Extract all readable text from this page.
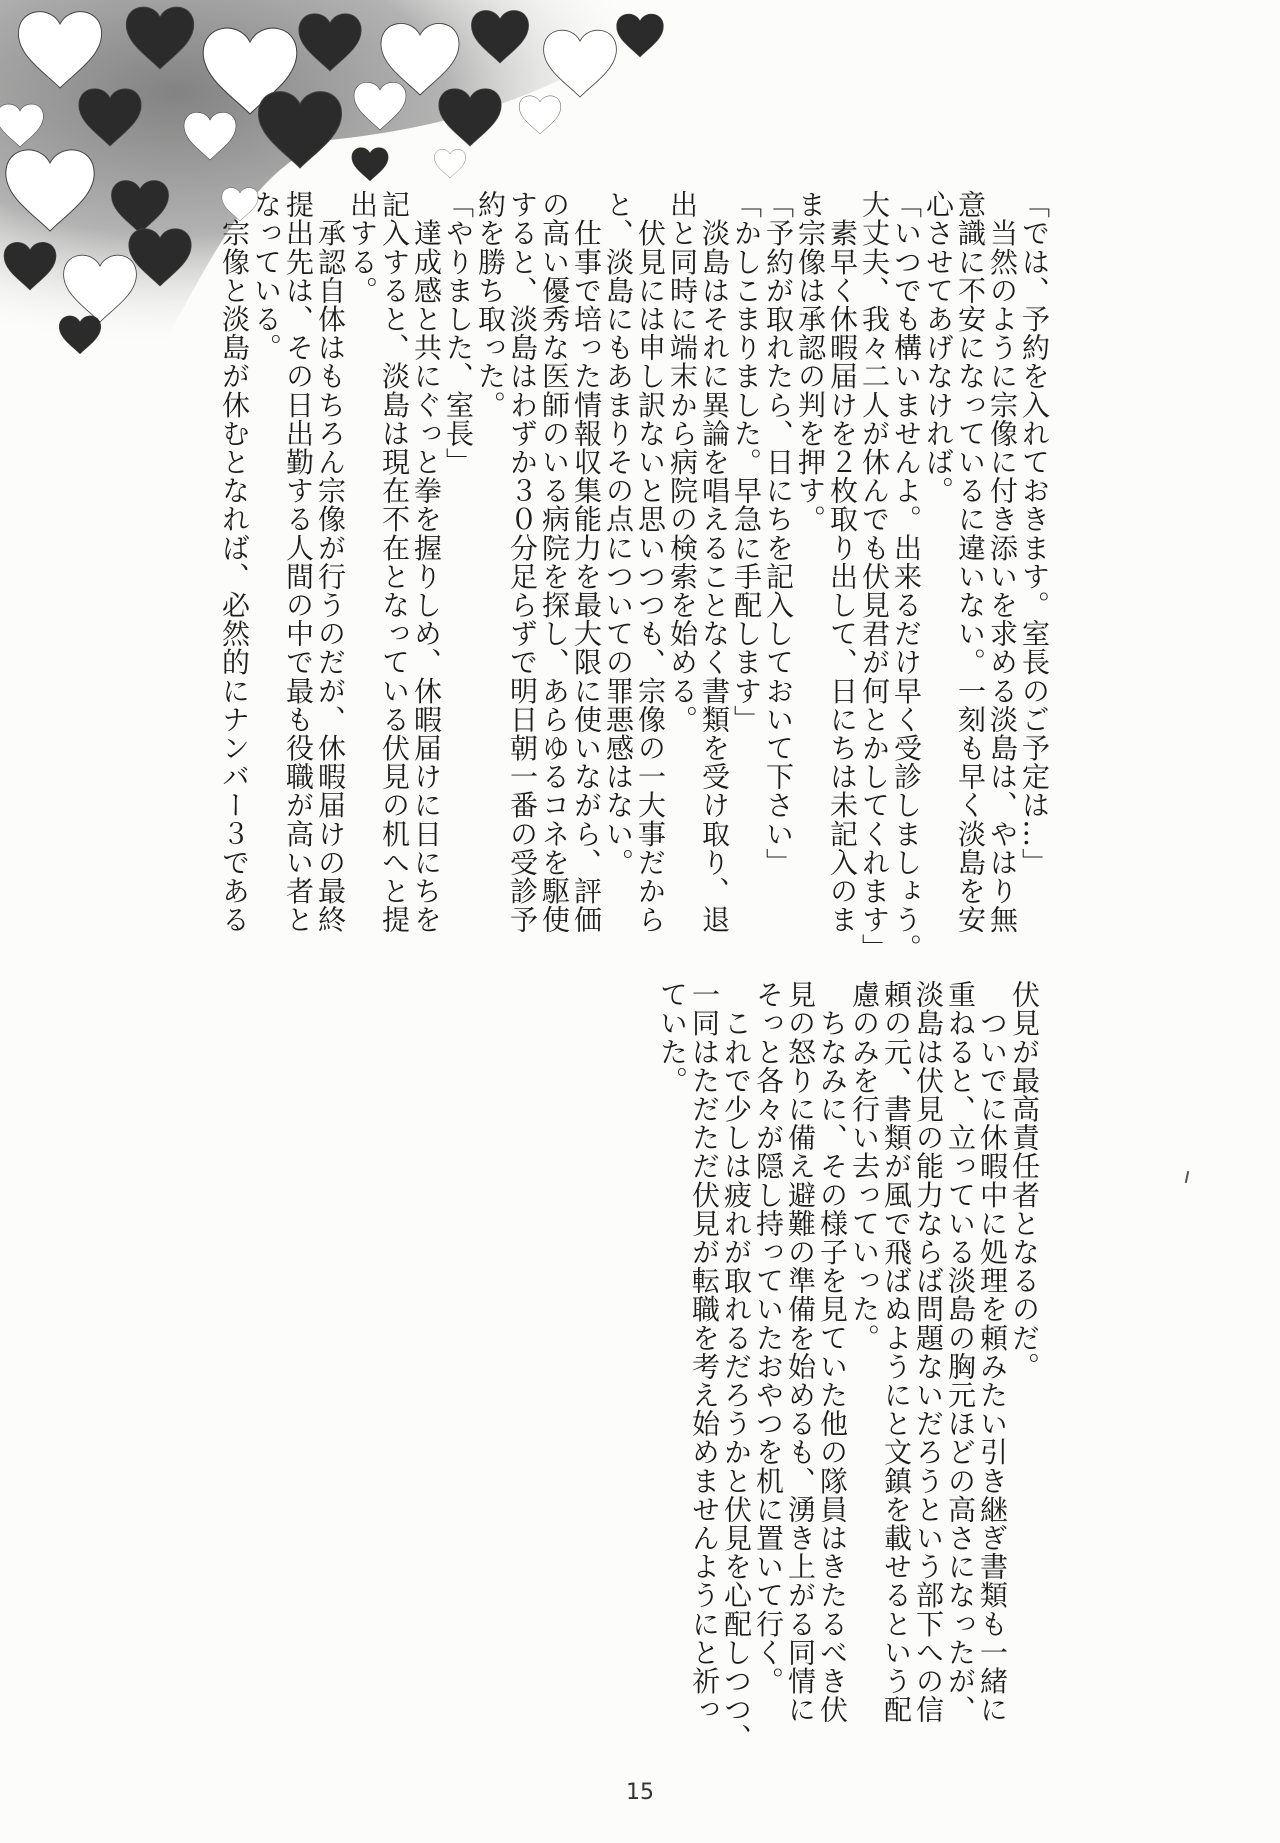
「では、予約を入れておきます。室長のご予定は…」

　当然のように宗像に付き添いを求める淡島は、やはり無

意識に不安になっているに違いない。一刻も早く淡島を安

心させてあげなければ。

「いつでも構いませんよ。出来るだけ早く受診しましょう。

大丈夫、我々二人が休んでも伏見君が何とかしてくれます」

　素早く休暇届けを２枚取り出して、日にちは未記入のま

ま宗像は承認の判を押す。

「予約が取れたら、日にちを記入しておいて下さい」

「かしこまりました。早急に手配します」

　淡島はそれに異論を唱えることなく書類を受け取り、退

出と同時に端末から病院の検索を始める。

　伏見には申し訳ないと思いつつも、宗像の一大事だから

と、淡島にもあまりその点についての罪悪感はない。

　仕事で培った情報収集能力を最大限に使いながら、評価

の高い優秀な医師のいる病院を探し、あらゆるコネを駆使

すると、淡島はわずか３０分足らずで明日朝一番の受診予

約を勝ち取った。

「やりました、室長」

　達成感と共にぐっと拳を握りしめ、休暇届けに日にちを

記入すると、淡島は現在不在となっている伏見の机へと提

出する。

　承認自体はもちろん宗像が行うのだが、休暇届けの最終

提出先は、その日出勤する人間の中で最も役職が高い者と

なっている。

　宗像と淡島が休むとなれば、必然的にナンバー３である

伏見が最高責任者となるのだ。

　ついでに休暇中に処理を頼みたい引き継ぎ書類も一緒に

重ねると、立っている淡島の胸元ほどの高さになったが、

淡島は伏見の能力ならば問題ないだろうという部下への信

頼の元、書類が風で飛ばぬようにと文鎮を載せるという配

慮のみを行い去っていった。

　ちなみに、その様子を見ていた他の隊員はきたるべき伏

見の怒りに備え避難の準備を始めるも、湧き上がる同情に

そっと各々が隠し持っていたおやつを机に置いて行く。

　これで少しは疲れが取れるだろうかと伏見を心配しつつ、

一同はただただ伏見が転職を考え始めませんようにと祈っ

ていた。

15
